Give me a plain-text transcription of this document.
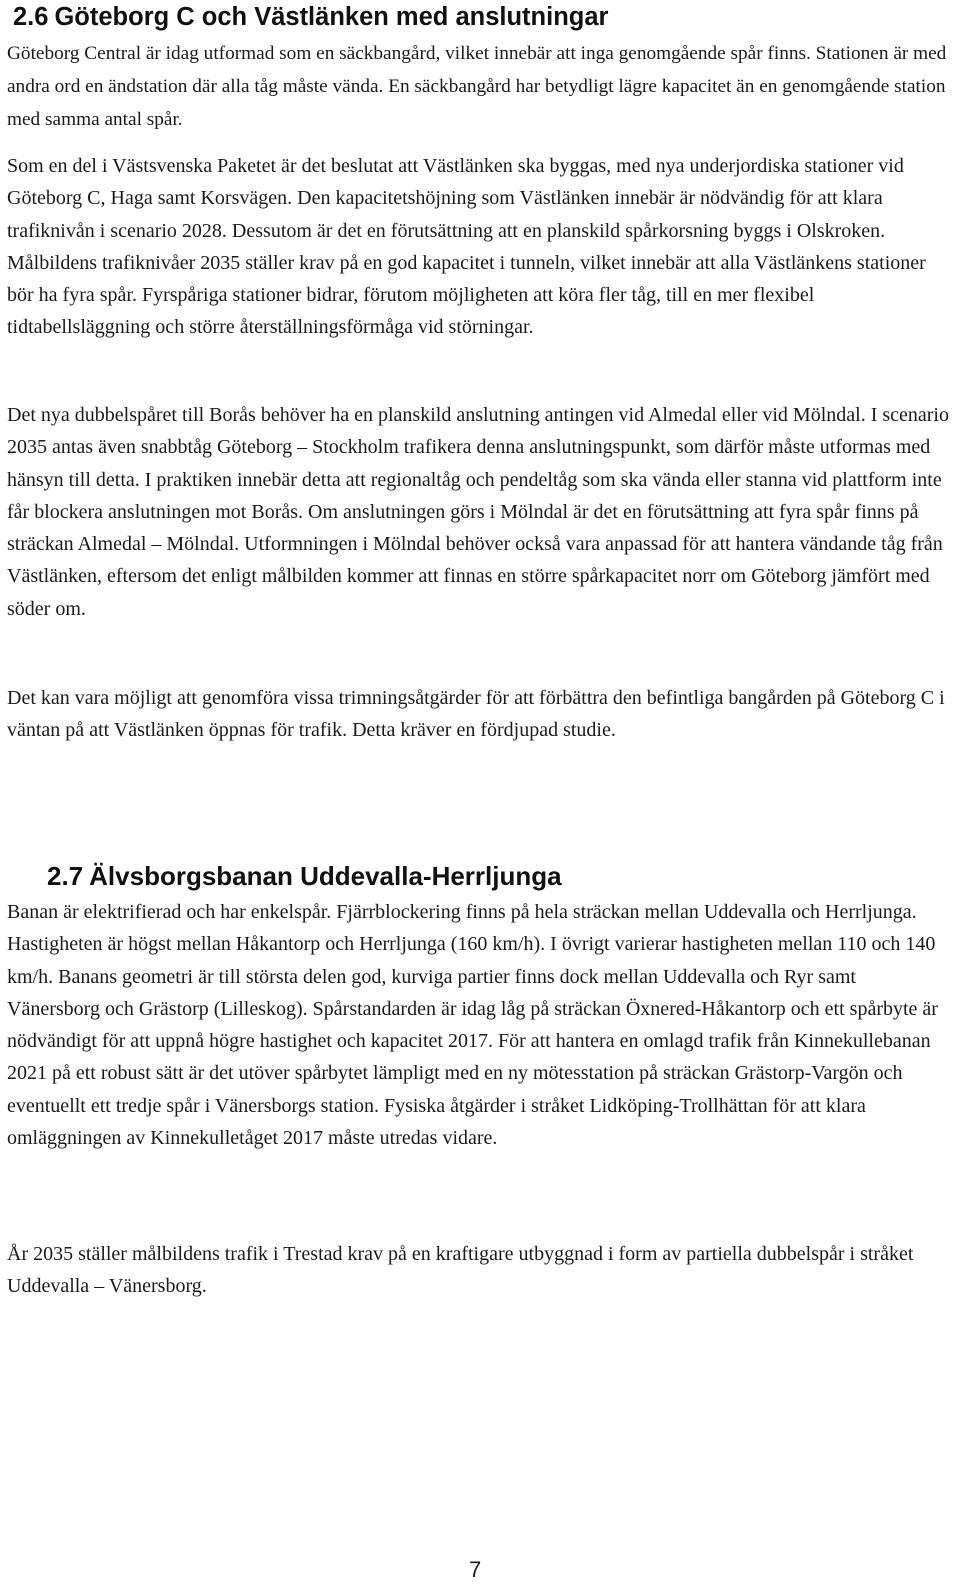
2.6 Göteborg C och Västlänken med anslutningar

Göteborg Central är idag utformad som en säckbangård, vilket innebär att inga genomgående spår finns. Stationen är med andra ord en ändstation där alla tåg måste vända. En säckbangård har betydligt lägre kapacitet än en genomgående station med samma antal spår.

Som en del i Västsvenska Paketet är det beslutat att Västlänken ska byggas, med nya underjordiska stationer vid Göteborg C, Haga samt Korsvägen. Den kapacitetshöjning som Västlänken innebär är nödvändig för att klara trafiknivån i scenario 2028. Dessutom är det en förutsättning att en planskild spårkorsning byggs i Olskroken. Målbildens trafiknivåer 2035 ställer krav på en god kapacitet i tunneln, vilket innebär att alla Västlänkens stationer bör ha fyra spår. Fyrspåriga stationer bidrar, förutom möjligheten att köra fler tåg, till en mer flexibel tidtabellsläggning och större återställningsförmåga vid störningar.

Det nya dubbelspåret till Borås behöver ha en planskild anslutning antingen vid Almedal eller vid Mölndal. I scenario 2035 antas även snabbtåg Göteborg – Stockholm trafikera denna anslutningspunkt, som därför måste utformas med hänsyn till detta. I praktiken innebär detta att regionaltåg och pendeltåg som ska vända eller stanna vid plattform inte får blockera anslutningen mot Borås. Om anslutningen görs i Mölndal är det en förutsättning att fyra spår finns på sträckan Almedal – Mölndal. Utformningen i Mölndal behöver också vara anpassad för att hantera vändande tåg från Västlänken, eftersom det enligt målbilden kommer att finnas en större spårkapacitet norr om Göteborg jämfört med söder om.

Det kan vara möjligt att genomföra vissa trimningsåtgärder för att förbättra den befintliga bangården på Göteborg C i väntan på att Västlänken öppnas för trafik. Detta kräver en fördjupad studie.

2.7 Älvsborgsbanan Uddevalla-Herrljunga

Banan är elektrifierad och har enkelspår. Fjärrblockering finns på hela sträckan mellan Uddevalla och Herrljunga. Hastigheten är högst mellan Håkantorp och Herrljunga (160 km/h). I övrigt varierar hastigheten mellan 110 och 140 km/h. Banans geometri är till största delen god, kurviga partier finns dock mellan Uddevalla och Ryr samt Vänersborg och Grästorp (Lilleskog). Spårstandarden är idag låg på sträckan Öxnered-Håkantorp och ett spårbyte är nödvändigt för att uppnå högre hastighet och kapacitet 2017. För att hantera en omlagd trafik från Kinnekullebanan 2021 på ett robust sätt är det utöver spårbytet lämpligt med en ny mötesstation på sträckan Grästorp-Vargön och eventuellt ett tredje spår i Vänersborgs station. Fysiska åtgärder i stråket Lidköping-Trollhättan för att klara omläggningen av Kinnekulletåget 2017 måste utredas vidare.

År 2035 ställer målbildens trafik i Trestad krav på en kraftigare utbyggnad i form av partiella dubbelspår i stråket Uddevalla – Vänersborg.

7
